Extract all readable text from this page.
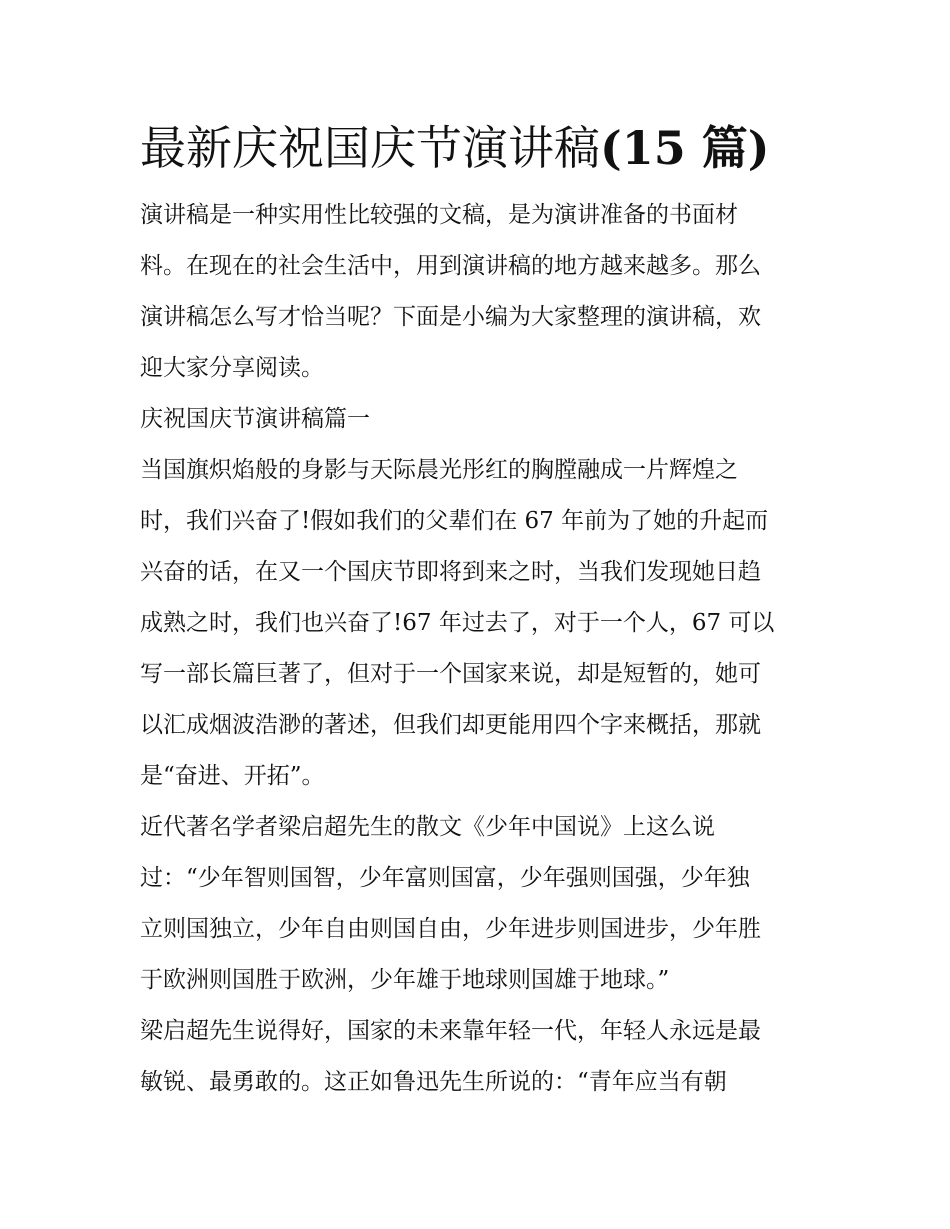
最新庆祝国庆节演讲稿(15 篇)

演讲稿是一种实用性比较强的文稿，是为演讲准备的书面材
料。在现在的社会生活中，用到演讲稿的地方越来越多。那么
演讲稿怎么写才恰当呢？下面是小编为大家整理的演讲稿，欢
迎大家分享阅读。

庆祝国庆节演讲稿篇一

当国旗炽焰般的身影与天际晨光彤红的胸膛融成一片辉煌之
时，我们兴奋了!假如我们的父辈们在 67 年前为了她的升起而
兴奋的话，在又一个国庆节即将到来之时，当我们发现她日趋
成熟之时，我们也兴奋了!67 年过去了，对于一个人，67 可以
写一部长篇巨著了，但对于一个国家来说，却是短暂的，她可
以汇成烟波浩渺的著述，但我们却更能用四个字来概括，那就
是“奋进、开拓”。

近代著名学者梁启超先生的散文《少年中国说》上这么说
过：“少年智则国智，少年富则国富，少年强则国强，少年独
立则国独立，少年自由则国自由，少年进步则国进步，少年胜
于欧洲则国胜于欧洲，少年雄于地球则国雄于地球。”

梁启超先生说得好，国家的未来靠年轻一代，年轻人永远是最
敏锐、最勇敢的。这正如鲁迅先生所说的：“青年应当有朝
